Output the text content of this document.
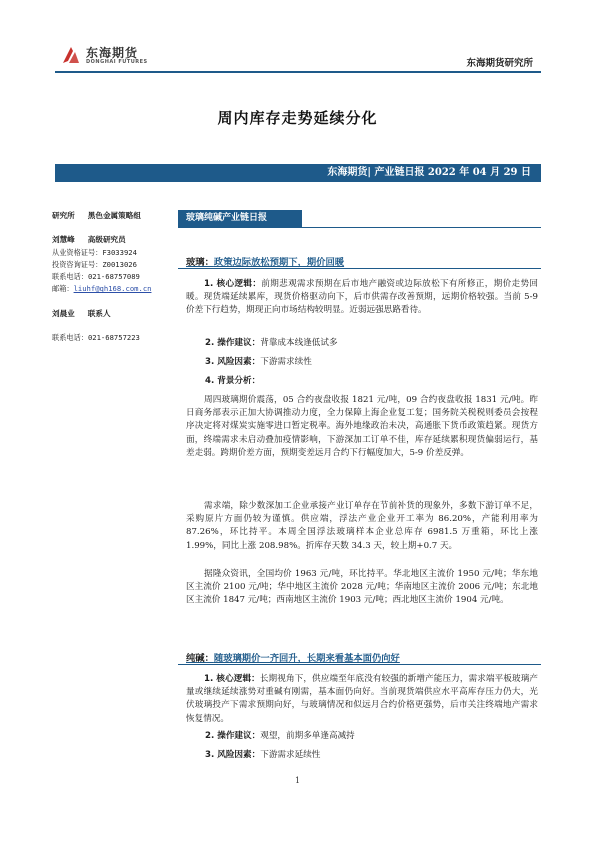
东海期货
DONGHAI FUTURES	东海期货研究所
周内库存走势延续分化
东海期货| 产业链日报 2022 年 04 月 29 日
研究所 黑色金属策略组
刘慧峰 高级研究员
从业资格证号：F3033924
投资咨询证号：Z0013026
联系电话：021-68757089
邮箱：liuhf@qh168.com.cn
刘晨业 联系人
联系电话：021-68757223
玻璃纯碱产业链日报
玻璃：政策边际放松预期下，期价回暖

1. 核心逻辑：前期悲观需求预期在后市地产融资或边际放松下有所修正，期价走势回暖。现货端延续累库，现货价格驱动向下，后市供需存改善预期，远期价格较强。当前 5-9 价差下行趋势，期现正向市场结构较明显。近弱远强思路看待。

2. 操作建议：背靠成本线逢低试多
3. 风险因素：下游需求续性
4. 背景分析：

周四玻璃期价震荡，05 合约夜盘收报 1821 元/吨，09 合约夜盘收报 1831 元/吨。昨日商务部表示正加大协调推动力度，全力保障上海企业复工复；国务院关税税则委员会按程序决定将对煤炭实施零进口暂定税率。海外地缘政治未决，高通胀下货币政策趋紧。现货方面，终端需求未启动叠加疫情影响，下游深加工订单不佳，库存延续累积现货偏弱运行，基差走弱。跨期价差方面，预期变差远月合约下行幅度加大，5-9 价差反弹。

需求端，除少数深加工企业承接产业订单存在节前补货的现象外，多数下游订单不足，采购原片方面仍较为谨慎。供应端，浮法产业企业开工率为 86.20%，产能利用率为 87.26%，环比持平。本周全国浮法玻璃样本企业总库存 6981.5 万重箱，环比上涨 1.99%，同比上涨 208.98%。折库存天数 34.3 天，较上期+0.7 天。

据隆众资讯，全国均价 1963 元/吨，环比持平。华北地区主流价 1950 元/吨；华东地区主流价 2100 元/吨；华中地区主流价 2028 元/吨；华南地区主流价 2006 元/吨；东北地区主流价 1847 元/吨；西南地区主流价 1903 元/吨；西北地区主流价 1904 元/吨。

纯碱：随玻璃期价一齐回升，长期来看基本面仍向好

1. 核心逻辑：长期视角下，供应端至年底没有较强的新增产能压力，需求端平板玻璃产量或继续延续涨势对重碱有刚需，基本面仍向好。当前现货端供应水平高库存压力仍大，光伏玻璃投产下需求预期向好，与玻璃情况和似远月合约价格更强势，后市关注终端地产需求恢复情况。

2. 操作建议：观望，前期多单逢高减持
3. 风险因素：下游需求延续性
1
